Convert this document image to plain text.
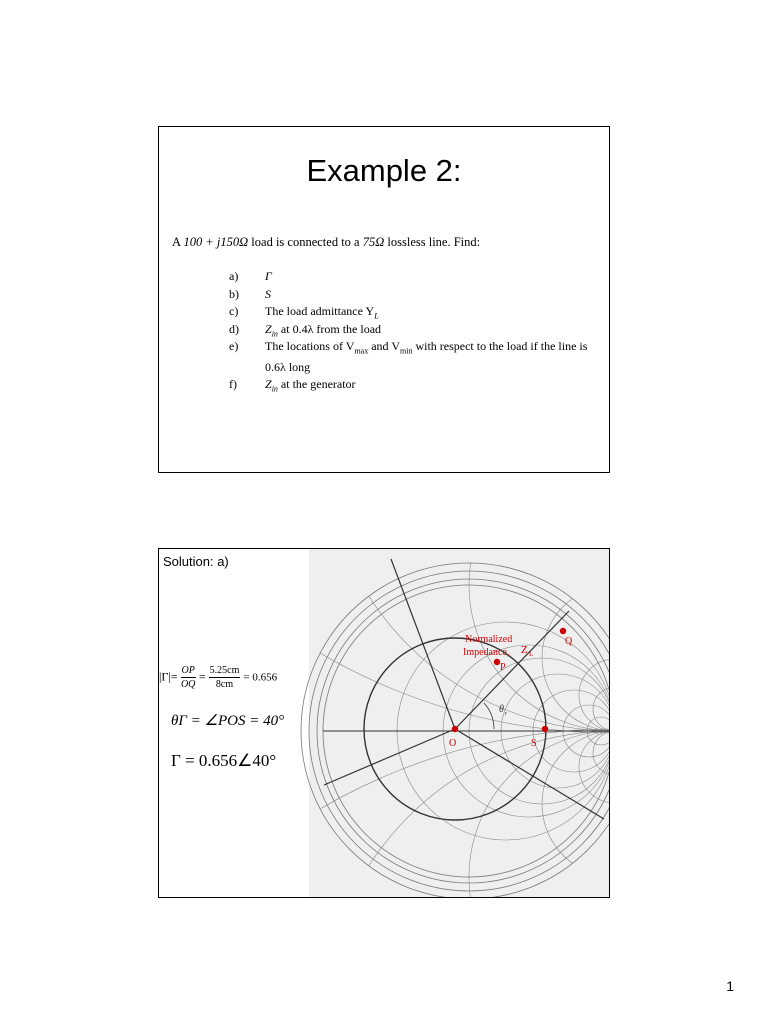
Example 2:
A 100 + j150Ω load is connected to a 75Ω lossless line. Find:
a) Γ
b) S
c) The load admittance $Y_L$
d) $Z_{in}$ at 0.4λ from the load
e) The locations of $V_{max}$ and $V_{min}$ with respect to the load if the line is 0.6λ long
f) $Z_{in}$ at the generator
Normalized
Impedance, Z L
P
Q
O	S
θ r
Solution: a)
$|\Gamma|= \frac{OP}{OQ} = \frac{5.25cm}{8cm} = 0.656$
θΓ = ∠POS = 40°
Γ = 0.656∠40°
1
